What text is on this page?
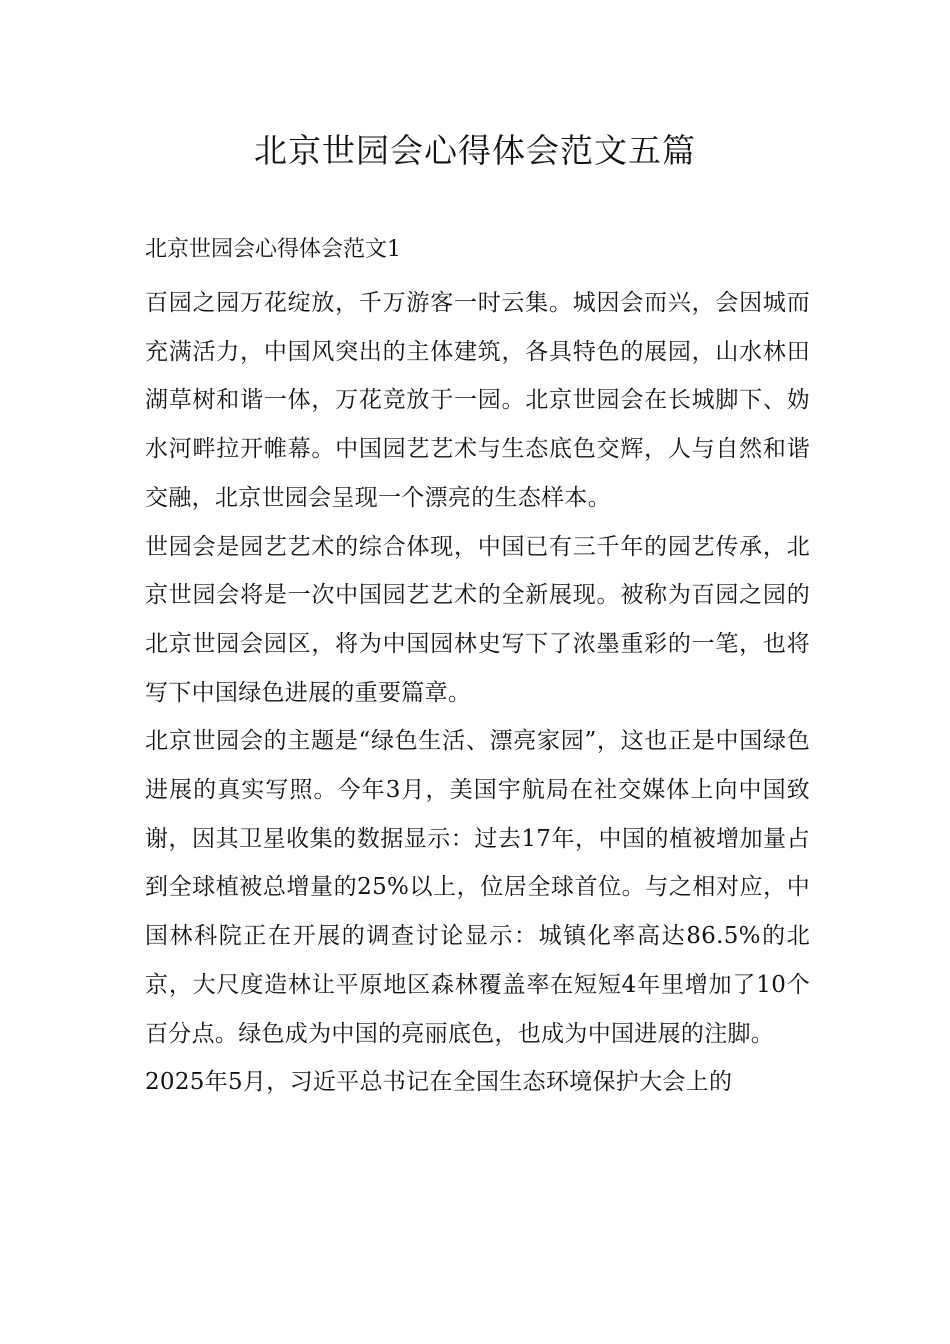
北京世园会心得体会范文五篇
北京世园会心得体会范文1

百园之园万花绽放，千万游客一时云集。城因会而兴，会因城而充满活力，中国风突出的主体建筑，各具特色的展园，山水林田湖草树和谐一体，万花竞放于一园。北京世园会在长城脚下、妫水河畔拉开帷幕。中国园艺艺术与生态底色交辉，人与自然和谐交融，北京世园会呈现一个漂亮的生态样本。

世园会是园艺艺术的综合体现，中国已有三千年的园艺传承，北京世园会将是一次中国园艺艺术的全新展现。被称为百园之园的北京世园会园区，将为中国园林史写下了浓墨重彩的一笔，也将写下中国绿色进展的重要篇章。

北京世园会的主题是“绿色生活、漂亮家园”，这也正是中国绿色进展的真实写照。今年3月，美国宇航局在社交媒体上向中国致谢，因其卫星收集的数据显示：过去17年，中国的植被增加量占到全球植被总增量的25%以上，位居全球首位。与之相对应，中国林科院正在开展的调查讨论显示：城镇化率高达86.5%的北京，大尺度造林让平原地区森林覆盖率在短短4年里增加了10个百分点。绿色成为中国的亮丽底色，也成为中国进展的注脚。

2025年5月，习近平总书记在全国生态环境保护大会上的
